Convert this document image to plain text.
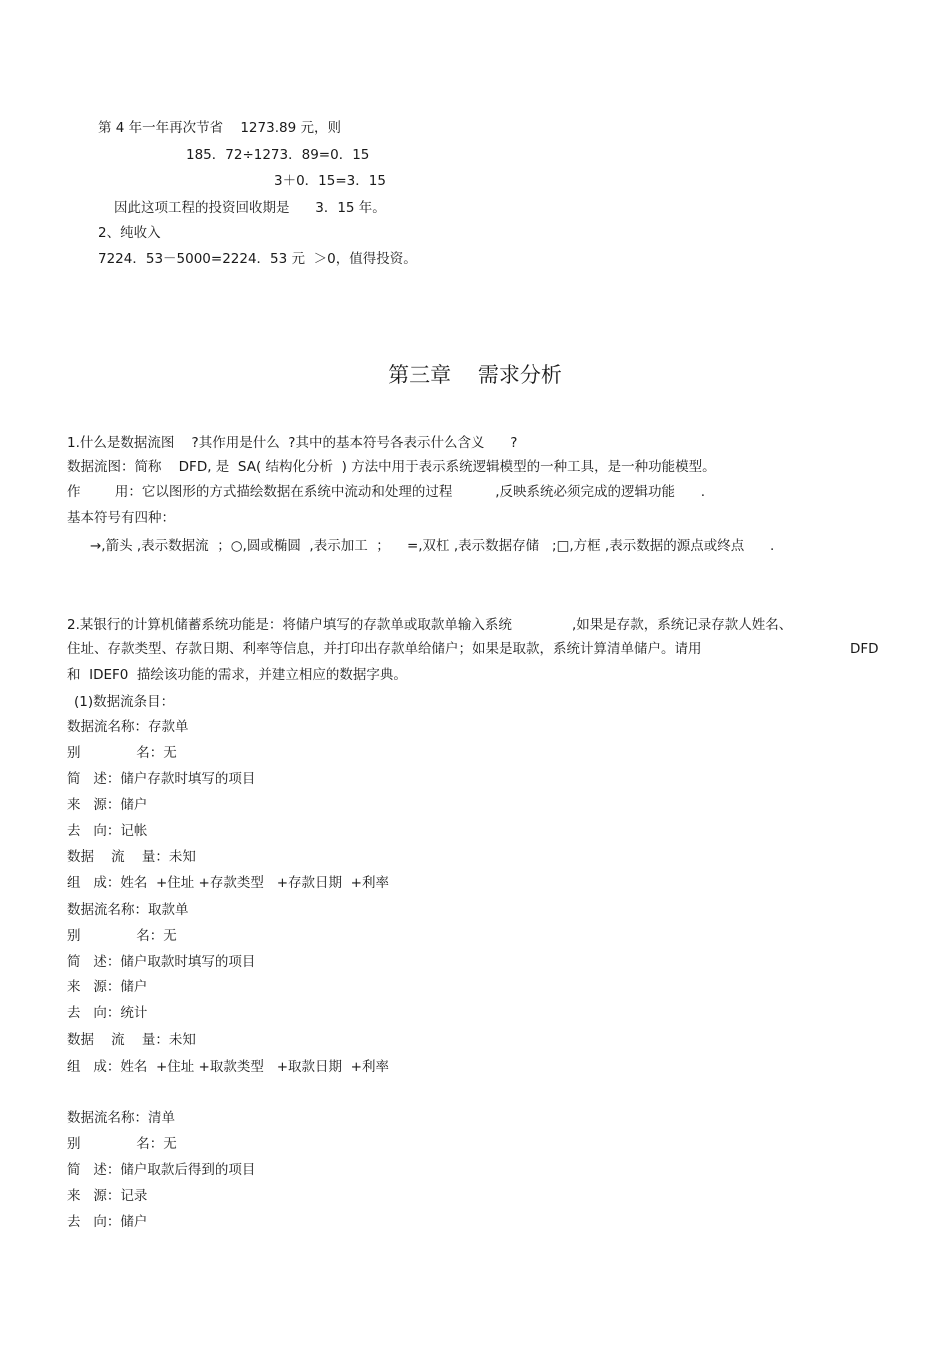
第 4 年一年再次节省    1273.89 元，则
185．72÷1273．89=0．15
3＋0．15=3．15
因此这项工程的投资回收期是      3．15 年。
2、纯收入
7224．53－5000=2224．53 元  ＞0，值得投资。
第三章    需求分析
1.什么是数据流图    ?其作用是什么  ?其中的基本符号各表示什么含义      ?
数据流图：简称    DFD, 是  SA( 结构化分析  ) 方法中用于表示系统逻辑模型的一种工具，是一种功能模型。
作        用：它以图形的方式描绘数据在系统中流动和处理的过程          ,反映系统必须完成的逻辑功能      .
基本符号有四种：
→,箭头 ,表示数据流  ；○,圆或椭圆  ,表示加工  ；    =,双杠 ,表示数据存储   ;□,方框 ,表示数据的源点或终点      .
2.某银行的计算机储蓄系统功能是：将储户填写的存款单或取款单输入系统              ,如果是存款，系统记录存款人姓名、
住址、存款类型、存款日期、利率等信息，并打印出存款单给储户；如果是取款，系统计算清单储户。请用	DFD
和  IDEF0  描绘该功能的需求，并建立相应的数据字典。
(1)数据流条目：
数据流名称：存款单
别             名：无
简   述：储户存款时填写的项目
来   源：储户
去   向：记帐
数据    流    量：未知
组   成：姓名  +住址 +存款类型   +存款日期  +利率
数据流名称：取款单
别             名：无
简   述：储户取款时填写的项目
来   源：储户
去   向：统计
数据    流    量：未知
组   成：姓名  +住址 +取款类型   +取款日期  +利率
数据流名称：清单
别             名：无
简   述：储户取款后得到的项目
来   源：记录
去   向：储户
